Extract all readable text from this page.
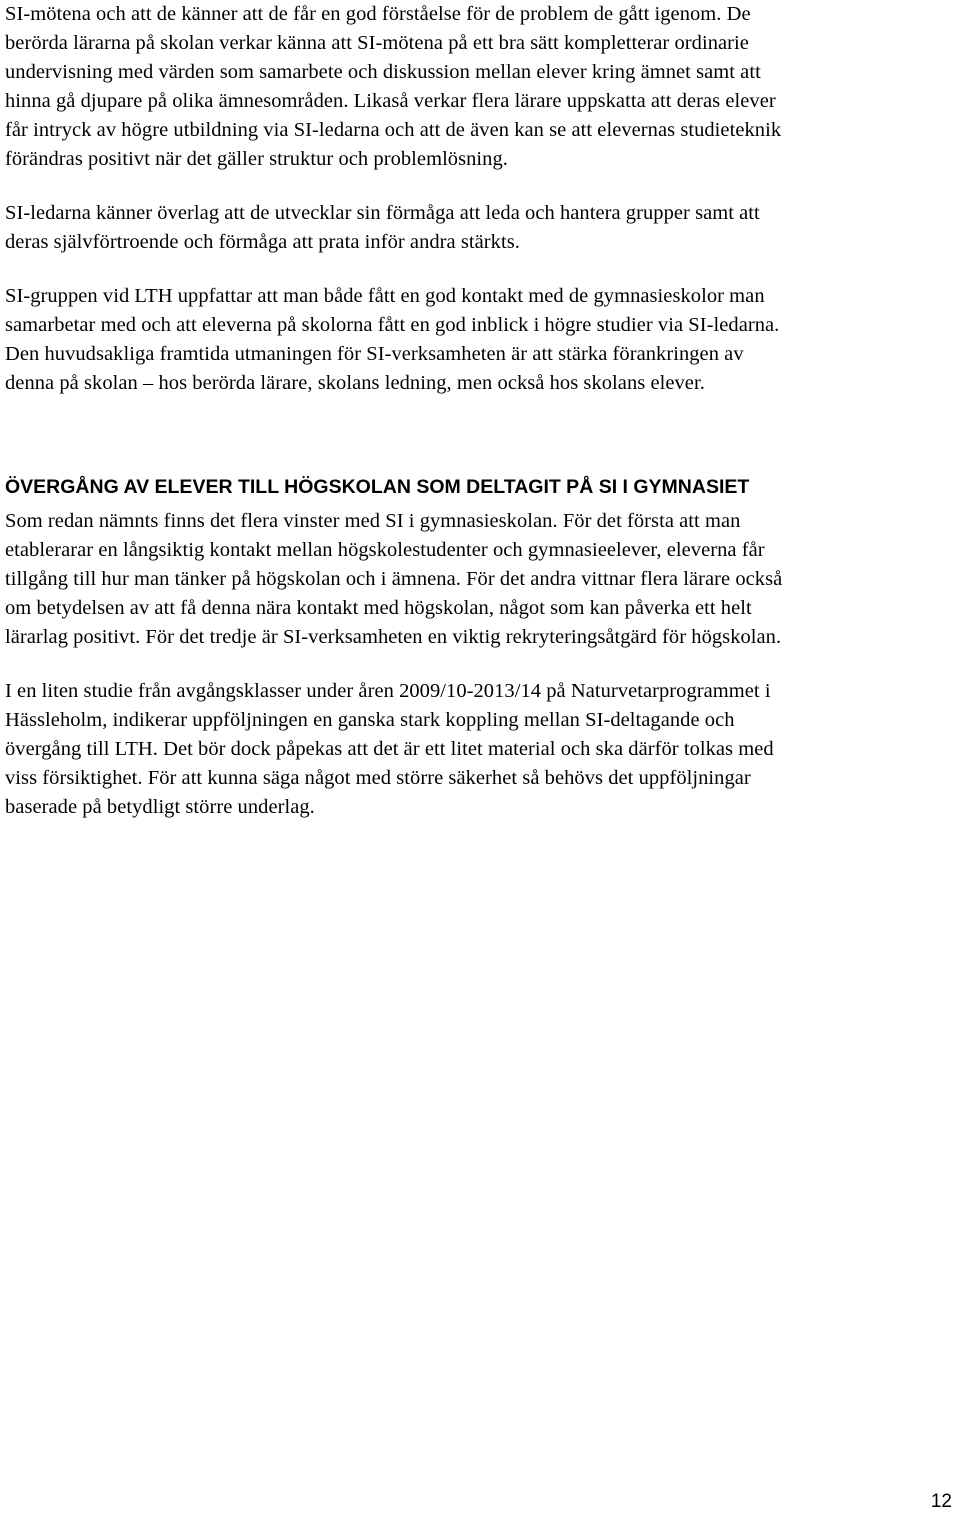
SI-mötena och att de känner att de får en god förståelse för de problem de gått igenom. De
berörda lärarna på skolan verkar känna att SI-mötena på ett bra sätt kompletterar ordinarie
undervisning med värden som samarbete och diskussion mellan elever kring ämnet samt att
hinna gå djupare på olika ämnesområden. Likaså verkar flera lärare uppskatta att deras elever
får intryck av högre utbildning via SI-ledarna och att de även kan se att elevernas studieteknik
förändras positivt när det gäller struktur och problemlösning.

SI-ledarna känner överlag att de utvecklar sin förmåga att leda och hantera grupper samt att
deras självförtroende och förmåga att prata inför andra stärkts.

SI-gruppen vid LTH uppfattar att man både fått en god kontakt med de gymnasieskolor man
samarbetar med och att eleverna på skolorna fått en god inblick i högre studier via SI-ledarna.
Den huvudsakliga framtida utmaningen för SI-verksamheten är att stärka förankringen av
denna på skolan – hos berörda lärare, skolans ledning, men också hos skolans elever.

ÖVERGÅNG AV ELEVER TILL HÖGSKOLAN SOM DELTAGIT PÅ SI I GYMNASIET

Som redan nämnts finns det flera vinster med SI i gymnasieskolan. För det första att man
etablerarar en långsiktig kontakt mellan högskolestudenter och gymnasieelever, eleverna får
tillgång till hur man tänker på högskolan och i ämnena. För det andra vittnar flera lärare också
om betydelsen av att få denna nära kontakt med högskolan, något som kan påverka ett helt
lärarlag positivt. För det tredje är SI-verksamheten en viktig rekryteringsåtgärd för högskolan.

I en liten studie från avgångsklasser under åren 2009/10-2013/14 på Naturvetarprogrammet i
Hässleholm, indikerar uppföljningen en ganska stark koppling mellan SI-deltagande och
övergång till LTH. Det bör dock påpekas att det är ett litet material och ska därför tolkas med
viss försiktighet. För att kunna säga något med större säkerhet så behövs det uppföljningar
baserade på betydligt större underlag.

12
